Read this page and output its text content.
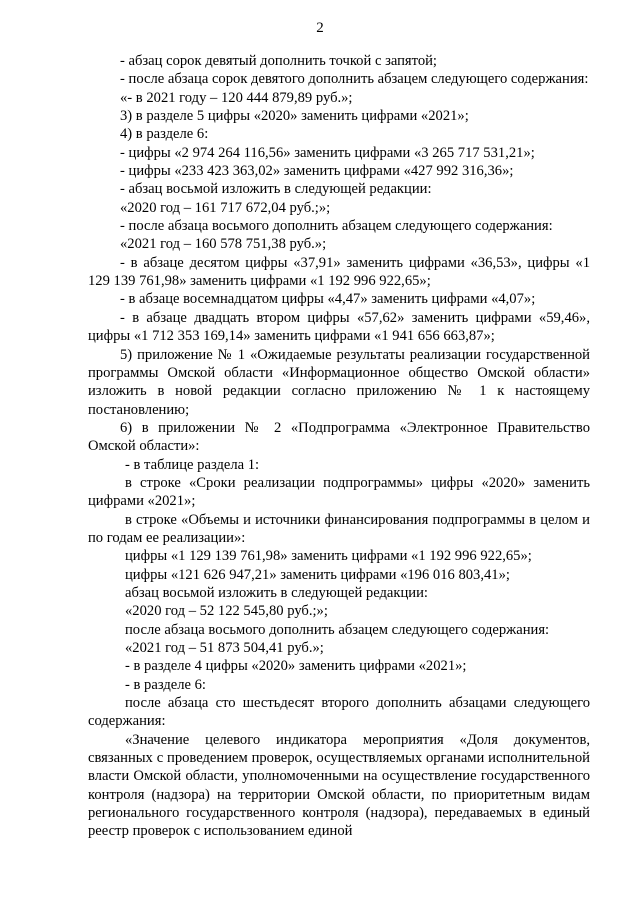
2

- абзац сорок девятый дополнить точкой с запятой;

- после абзаца сорок девятого дополнить абзацем следующего содержания:

«- в 2021 году – 120 444 879,89 руб.»;

3) в разделе 5 цифры «2020» заменить цифрами «2021»;

4) в разделе 6:

- цифры «2 974 264 116,56» заменить цифрами «3 265 717 531,21»;

- цифры «233 423 363,02» заменить цифрами «427 992 316,36»;

- абзац восьмой изложить в следующей редакции:

«2020 год – 161 717 672,04 руб.;»;

- после абзаца восьмого дополнить абзацем следующего содержания:

«2021 год – 160 578 751,38 руб.»;

- в абзаце десятом цифры «37,91» заменить цифрами «36,53», цифры «1 129 139 761,98» заменить цифрами «1 192 996 922,65»;

- в абзаце восемнадцатом цифры «4,47» заменить цифрами «4,07»;

- в абзаце двадцать втором цифры «57,62» заменить цифрами «59,46», цифры «1 712 353 169,14» заменить цифрами «1 941 656 663,87»;

5) приложение № 1 «Ожидаемые результаты реализации государственной программы Омской области «Информационное общество Омской области» изложить в новой редакции согласно приложению № 1 к настоящему постановлению;

6) в приложении № 2 «Подпрограмма «Электронное Правительство Омской области»:

- в таблице раздела 1:

в строке «Сроки реализации подпрограммы» цифры «2020» заменить цифрами «2021»;

в строке «Объемы и источники финансирования подпрограммы в целом и по годам ее реализации»:

цифры «1 129 139 761,98» заменить цифрами «1 192 996 922,65»;

цифры «121 626 947,21» заменить цифрами «196 016 803,41»;

абзац восьмой изложить в следующей редакции:

«2020 год – 52 122 545,80 руб.;»;

после абзаца восьмого дополнить абзацем следующего содержания:

«2021 год – 51 873 504,41 руб.»;

- в разделе 4 цифры «2020» заменить цифрами «2021»;

- в разделе 6:

после абзаца сто шестьдесят второго дополнить абзацами следующего содержания:

«Значение целевого индикатора мероприятия «Доля документов, связанных с проведением проверок, осуществляемых органами исполнительной власти Омской области, уполномоченными на осуществление государственного контроля (надзора) на территории Омской области, по приоритетным видам регионального государственного контроля (надзора), передаваемых в единый реестр проверок с использованием единой
